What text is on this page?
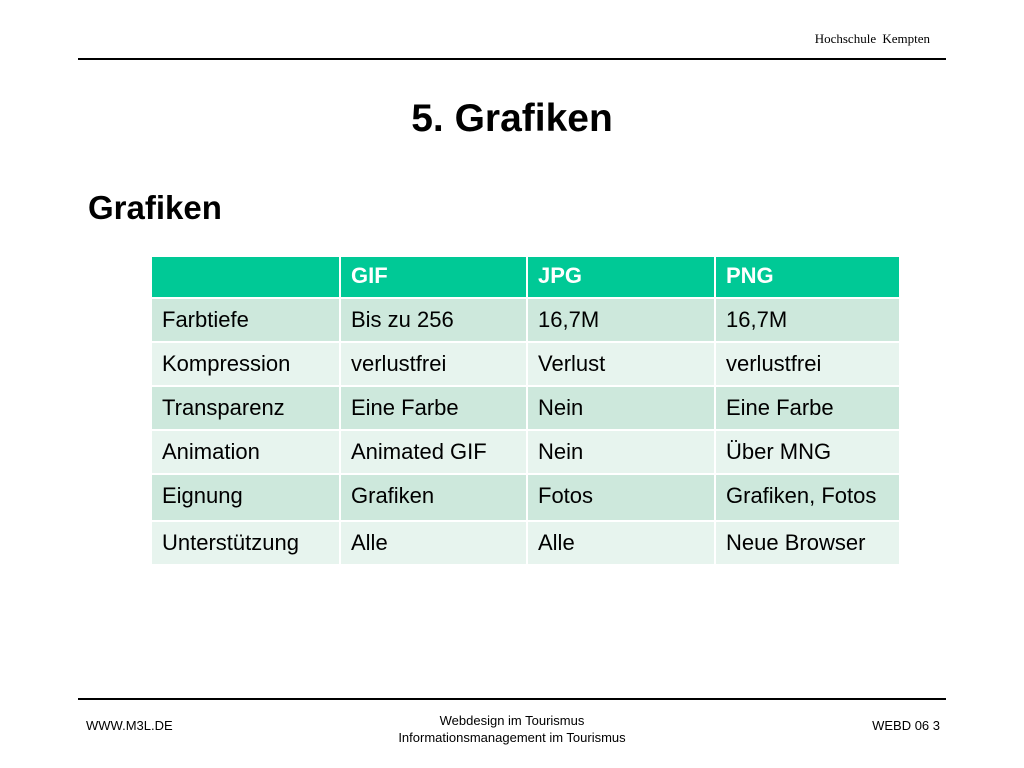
Hochschule Kempten
5. Grafiken
Grafiken
	GIF	JPG	PNG
Farbtiefe	Bis zu 256	16,7M	16,7M
Kompression	verlustfrei	Verlust	verlustfrei
Transparenz	Eine Farbe	Nein	Eine Farbe
Animation	Animated GIF	Nein	Über MNG
Eignung	Grafiken	Fotos	Grafiken, Fotos
Unterstützung	Alle	Alle	Neue Browser
WWW.M3L.DE	Webdesign im Tourismus
Informationsmanagement im Tourismus
WEBD 06 3
